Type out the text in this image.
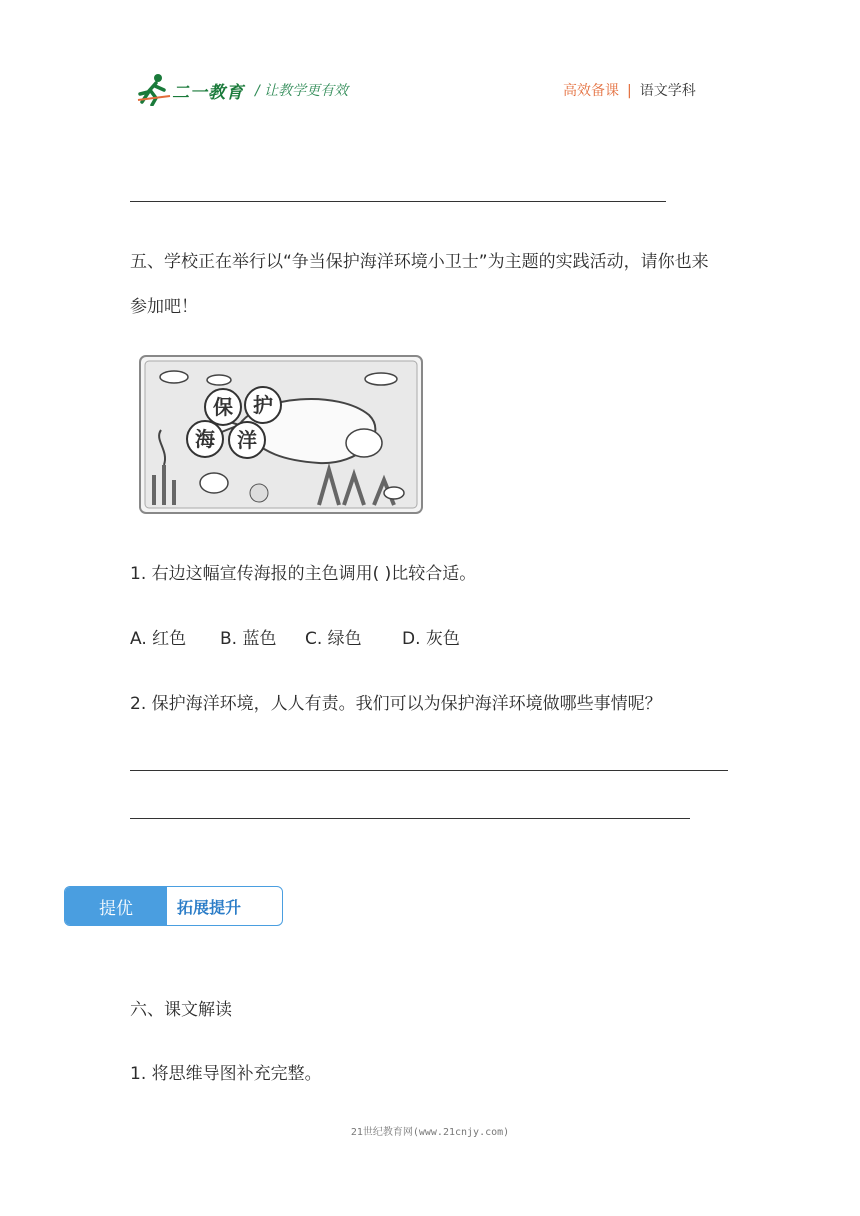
二一教育 / 让教学更有效	高效备课 | 语文学科
五、学校正在举行以“争当保护海洋环境小卫士”为主题的实践活动，请你也来
参加吧！
保 护
海 洋
1. 右边这幅宣传海报的主色调用( )比较合适。
A. 红色 B. 蓝色 C. 绿色 D. 灰色
2. 保护海洋环境，人人有责。我们可以为保护海洋环境做哪些事情呢？
提优	拓展提升
六、课文解读
1. 将思维导图补充完整。
21世纪教育网(www.21cnjy.com)
